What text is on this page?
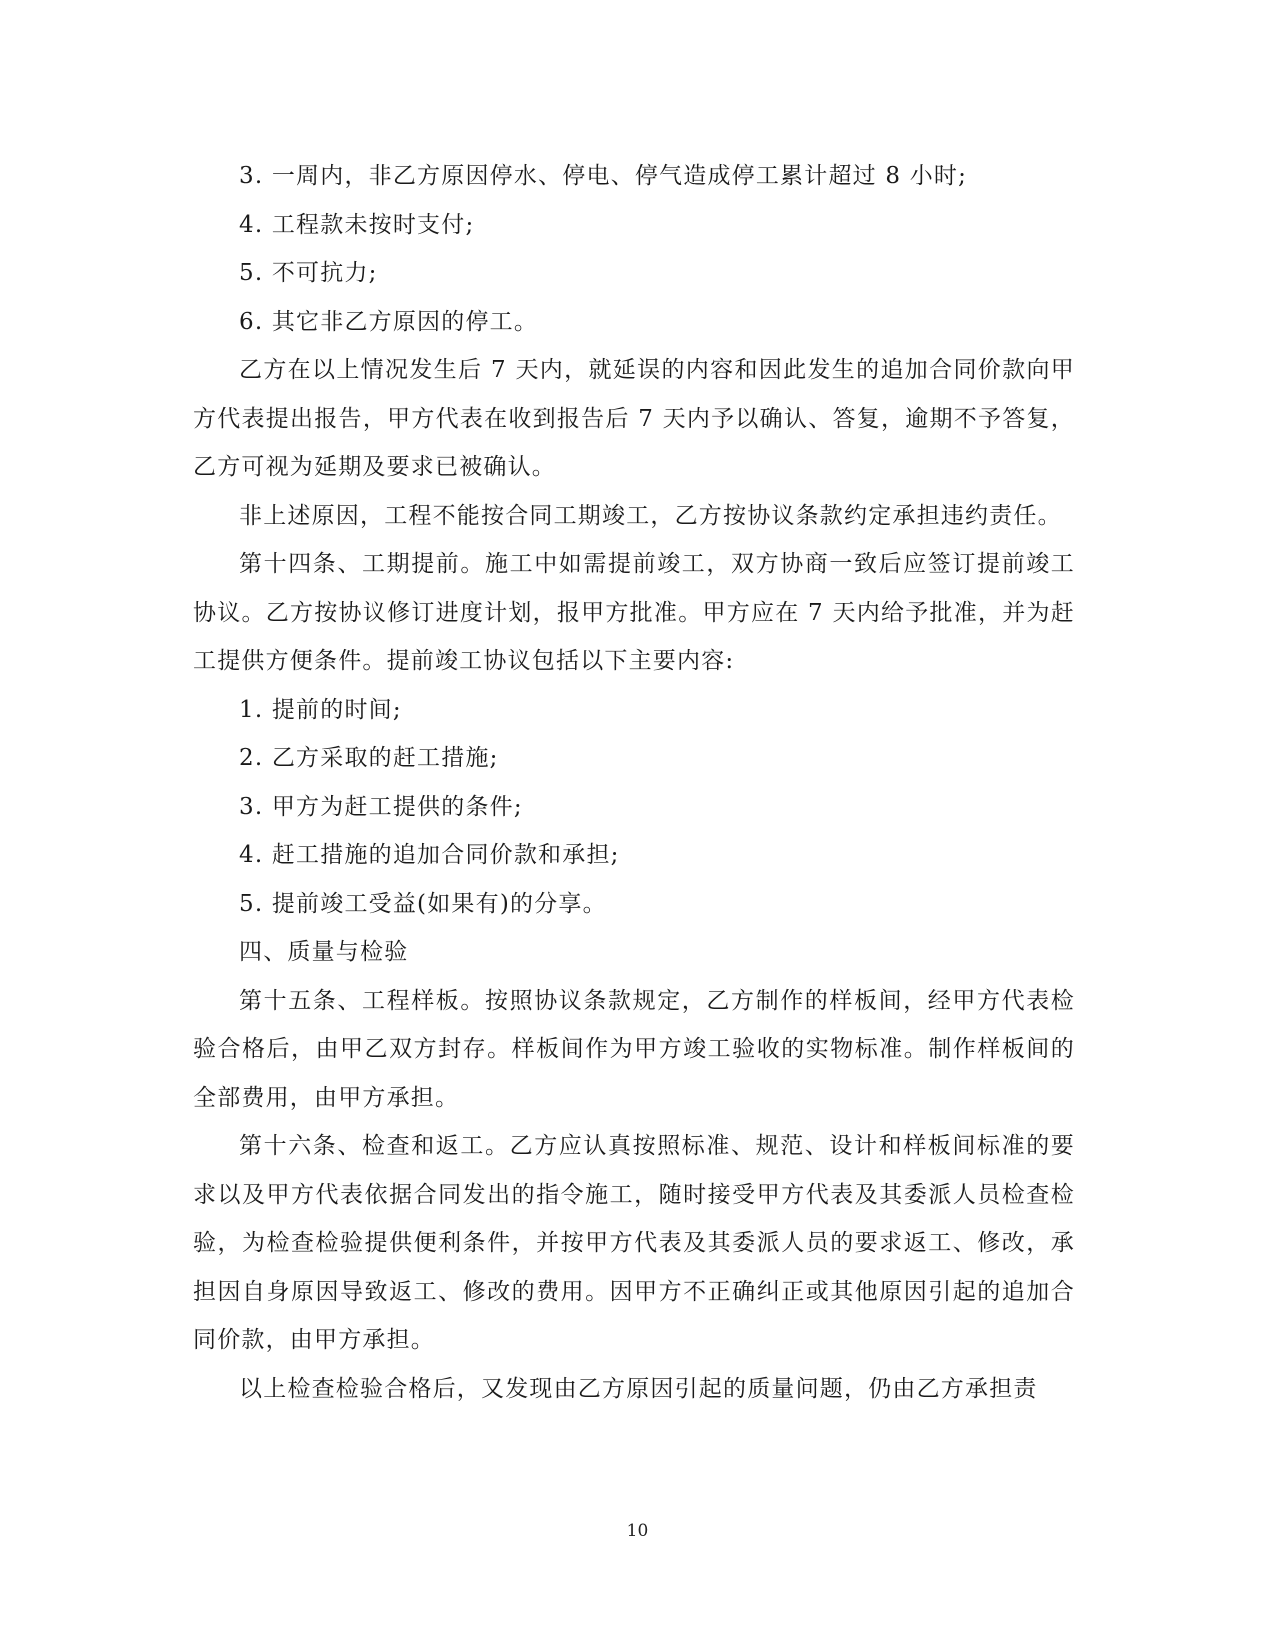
3. 一周内，非乙方原因停水、停电、停气造成停工累计超过 8 小时;

4. 工程款未按时支付;

5. 不可抗力;

6. 其它非乙方原因的停工。

乙方在以上情况发生后 7 天内，就延误的内容和因此发生的追加合同价款向甲方代表提出报告，甲方代表在收到报告后 7 天内予以确认、答复，逾期不予答复，乙方可视为延期及要求已被确认。

非上述原因，工程不能按合同工期竣工，乙方按协议条款约定承担违约责任。

第十四条、工期提前。施工中如需提前竣工，双方协商一致后应签订提前竣工协议。乙方按协议修订进度计划，报甲方批准。甲方应在 7 天内给予批准，并为赶工提供方便条件。提前竣工协议包括以下主要内容:

1. 提前的时间;

2. 乙方采取的赶工措施;

3. 甲方为赶工提供的条件;

4. 赶工措施的追加合同价款和承担;

5. 提前竣工受益(如果有)的分享。

四、质量与检验

第十五条、工程样板。按照协议条款规定，乙方制作的样板间，经甲方代表检验合格后，由甲乙双方封存。样板间作为甲方竣工验收的实物标准。制作样板间的全部费用，由甲方承担。

第十六条、检查和返工。乙方应认真按照标准、规范、设计和样板间标准的要求以及甲方代表依据合同发出的指令施工，随时接受甲方代表及其委派人员检查检验，为检查检验提供便利条件，并按甲方代表及其委派人员的要求返工、修改，承担因自身原因导致返工、修改的费用。因甲方不正确纠正或其他原因引起的追加合同价款，由甲方承担。

以上检查检验合格后，又发现由乙方原因引起的质量问题，仍由乙方承担责

10
